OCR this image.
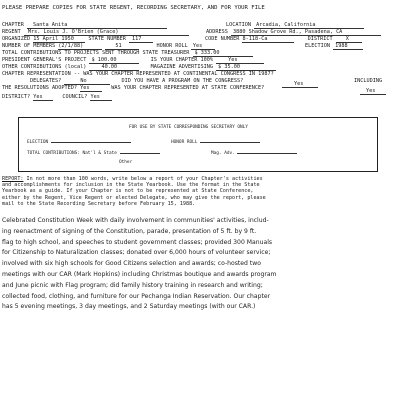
PLEASE PREPARE COPIES FOR STATE REGENT, RECORDING SECRETARY, AND FOR YOUR FILE
CHAPTER Santa Anita	LOCATION Arcadia, California
REGENT Mrs. Louis J. O'Brien (Grace)	ADDRESS 3880 Shadow Grove Rd., Pasadena, CA
ORGANIZED 15 April 1950	STATE NUMBER 117	CODE NUMBER 8-118-Ca	DISTRICT	X
NUMBER OF MEMBERS (2/1/88)	51	HONOR ROLL Yes	ELECTION 1988
TOTAL CONTRIBUTIONS TO PROJECTS SENT THROUGH STATE TREASURER $ 333.00
PRESIDENT GENERAL'S PROJECT $ 100.00	IS YOUR CHAPTER 100%	Yes
OTHER CONTRIBUTIONS (local)	40.00	MAGAZINE ADVERTISING $ 35.00
CHAPTER REPRESENTATION -- WAS YOUR CHAPTER REPRESENTED AT CONTINENTAL CONGRESS IN 1987?
DELEGATES?	No	DID YOU HAVE A PROGRAM ON THE CONGRESS?	Yes	INCLUDING
THE RESOLUTIONS ADOPTED? Yes	WAS YOUR CHAPTER REPRESENTED AT STATE CONFERENCE?	Yes
DISTRICT? Yes	COUNCIL? Yes
FOR USE BY STATE CORRESPONDING SECRETARY ONLY
ELECTION	HONOR ROLL
TOTAL CONTRIBUTIONS: Nat'l & State	Mag. Adv.
Other
REPORT: In not more than 100 words, write below a report of your Chapter's activities
and accomplishments for inclusion in the State Yearbook. Use the format in the State
Yearbook as a guide. If your Chapter is not to be represented at State Conference,
either by the Regent, Vice Regent or elected Delegate, who may give the report, please
mail to the State Recording Secretary before February 15, 1988.
Celebrated Constitution Week with daily involvement in communities' activities, includ-
ing reenactment of signing of the Constitution, parade, presentation of 5 ft. by 9 ft.
flag to high school, and speeches to student government classes; provided 300 Manuals
for Citizenship to Naturalization classes; donated over 6,000 hours of volunteer service;
involved with six high schools for Good Citizens selection and awards; co-hosted two
meetings with our CAR (Mark Hopkins) including Christmas boutique and awards program
and June picnic with Flag program; did family history training in research and writing;
collected food, clothing, and furniture for our Pechanga Indian Reservation. Our chapter
has 5 evening meetings, 3 day meetings, and 2 Saturday meetings (with our CAR.)
